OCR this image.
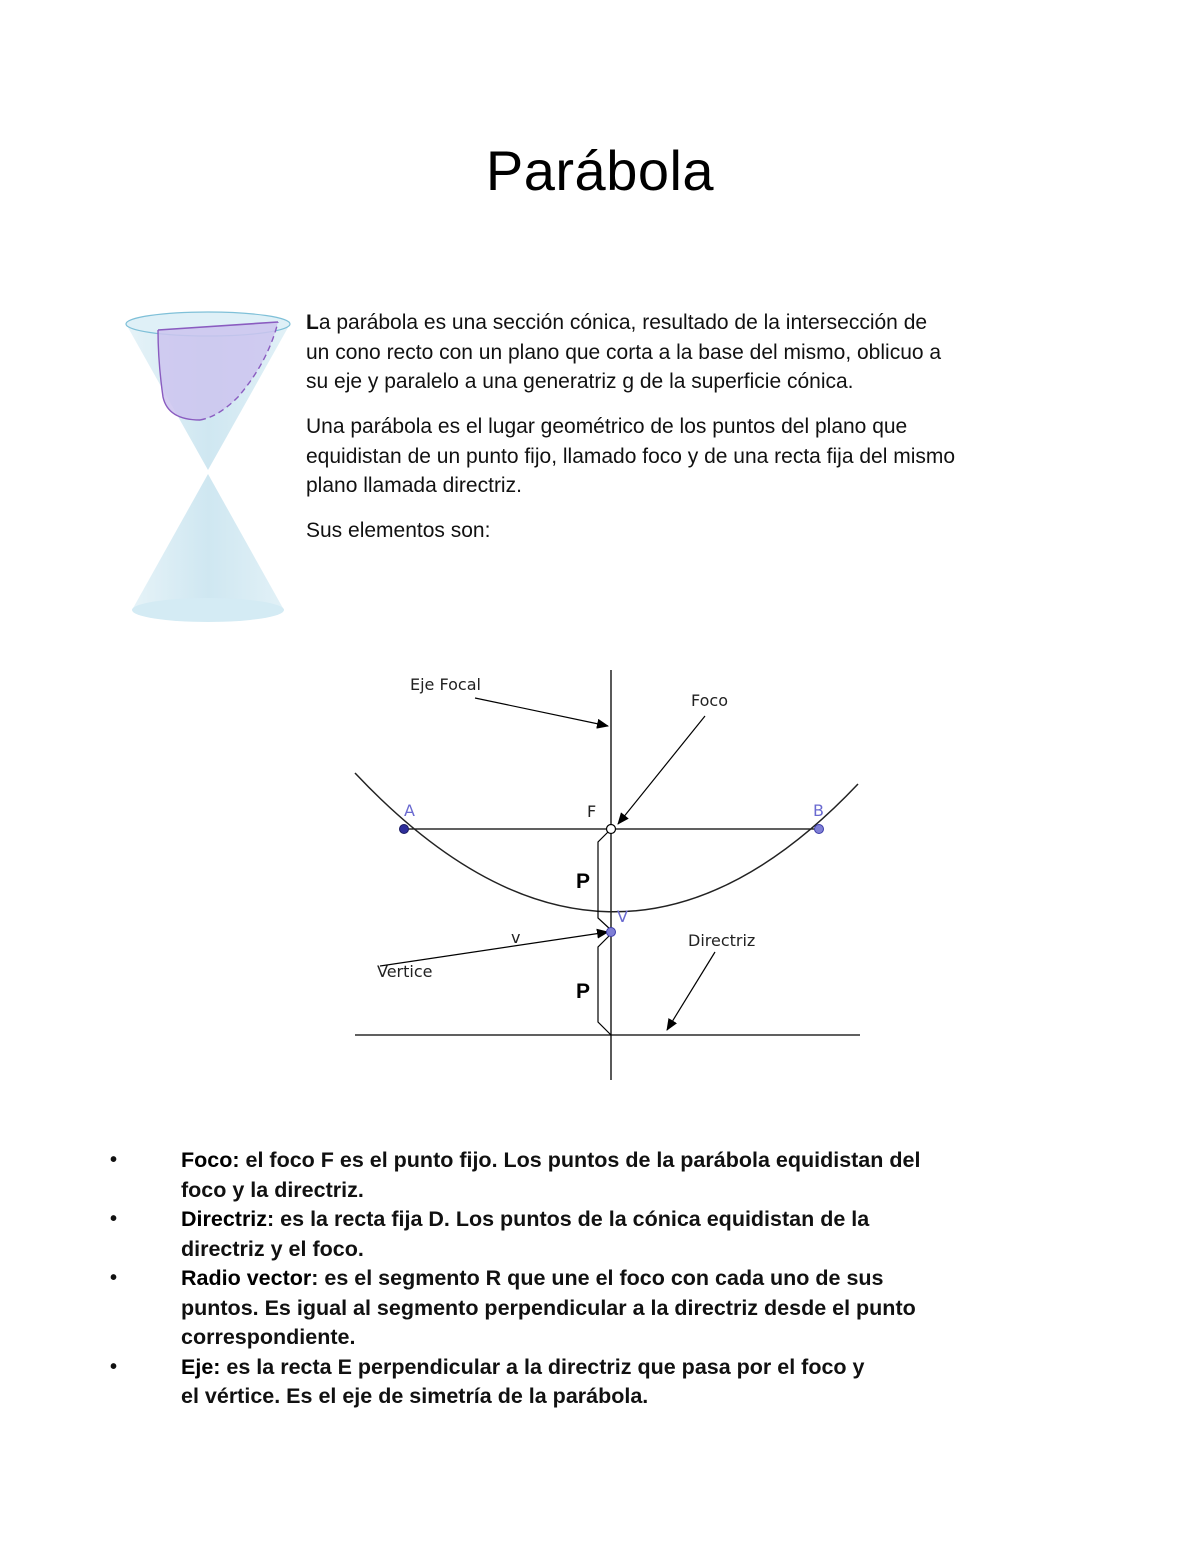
Parábola
La parábola es una sección cónica, resultado de la intersección de
un cono recto con un plano que corta a la base del mismo, oblicuo a
su eje y paralelo a una generatriz g de la superficie cónica.
Una parábola es el lugar geométrico de los puntos del plano que
equidistan de un punto fijo, llamado foco y de una recta fija del mismo
plano llamada directriz.
Sus elementos son:
Eje Focal
Foco
A	B
F
V
P
P
v
Vertice
Directriz
•	Foco: el foco F es el punto fijo. Los puntos de la parábola equidistan del
foco y la directriz.
•	Directriz: es la recta fija D. Los puntos de la cónica equidistan de la
directriz y el foco.
•	Radio vector: es el segmento R que une el foco con cada uno de sus
puntos. Es igual al segmento perpendicular a la directriz desde el punto
correspondiente.
•	Eje: es la recta E perpendicular a la directriz que pasa por el foco y
el vértice. Es el eje de simetría de la parábola.
